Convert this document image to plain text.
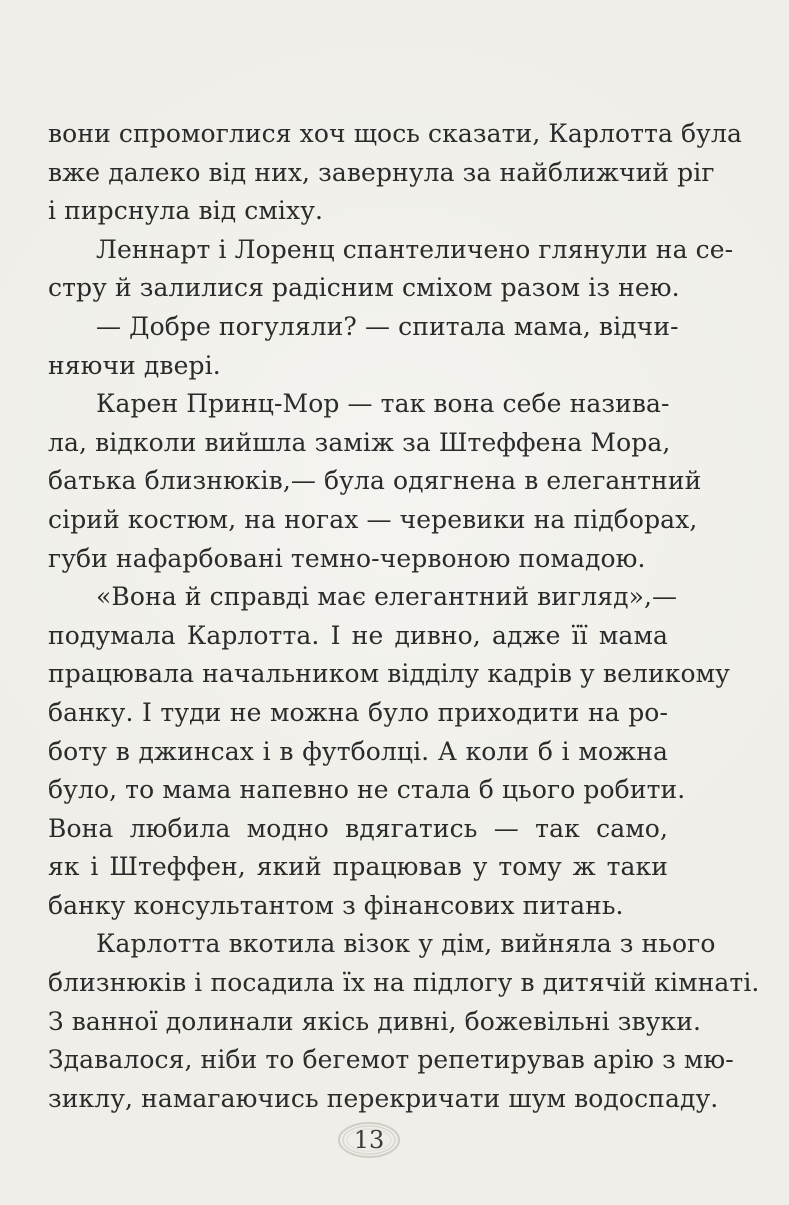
вони спромоглися хоч щось сказати, Карлотта була
вже далеко від них, завернула за найближчий ріг
і пирснула від сміху.
Леннарт і Лоренц спантеличено глянули на се-
стру й залилися радісним сміхом разом із нею.
— Добре погуляли? — спитала мама, відчи-
няючи двері.
Карен Принц-Мор — так вона себе назива-
ла, відколи вийшла заміж за Штеффена Мора,
батька близнюків,— була одягнена в елегантний
сірий костюм, на ногах — черевики на підборах,
губи нафарбовані темно-червоною помадою.
«Вона й справді має елегантний вигляд»,—
подумала Карлотта. І не дивно, адже її мама
працювала начальником відділу кадрів у великому
банку. І туди не можна було приходити на ро-
боту в джинсах і в футболці. А коли б і можна
було, то мама напевно не стала б цього робити.
Вона любила модно вдягатись — так само,
як і Штеффен, який працював у тому ж таки
банку консультантом з фінансових питань.
Карлотта вкотила візок у дім, вийняла з нього
близнюків і посадила їх на підлогу в дитячій кімнаті.
З ванної долинали якісь дивні, божевільні звуки.
Здавалося, ніби то бегемот репетирував арію з мю-
зиклу, намагаючись перекричати шум водоспаду.
13
